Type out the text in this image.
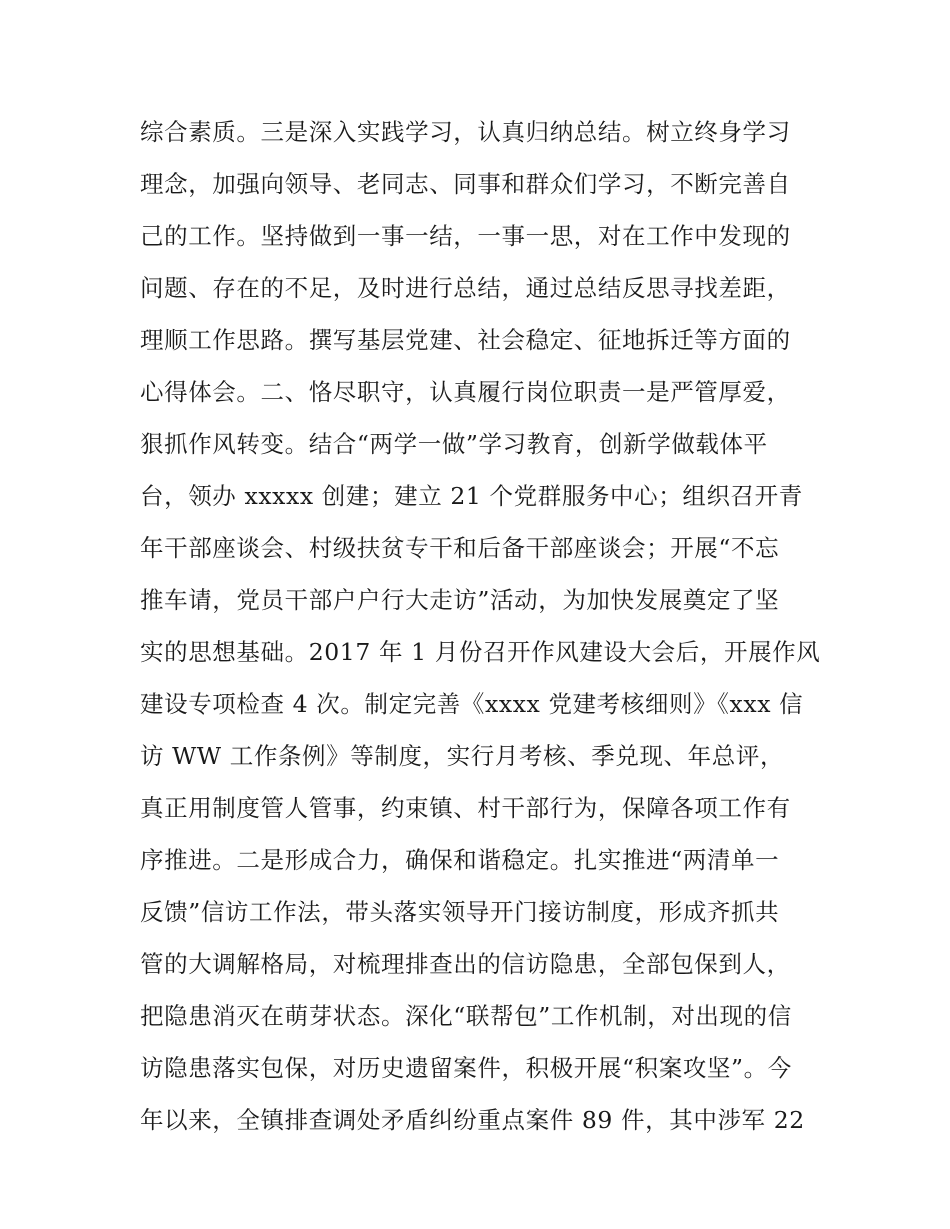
综合素质。三是深入实践学习，认真归纳总结。树立终身学习
理念，加强向领导、老同志、同事和群众们学习，不断完善自
己的工作。坚持做到一事一结，一事一思，对在工作中发现的
问题、存在的不足，及时进行总结，通过总结反思寻找差距，
理顺工作思路。撰写基层党建、社会稳定、征地拆迁等方面的
心得体会。二、恪尽职守，认真履行岗位职责一是严管厚爱，
狠抓作风转变。结合“两学一做”学习教育，创新学做载体平
台，领办 xxxxx 创建；建立 21 个党群服务中心；组织召开青
年干部座谈会、村级扶贫专干和后备干部座谈会；开展“不忘
推车请，党员干部户户行大走访”活动，为加快发展奠定了坚
实的思想基础。2017 年 1 月份召开作风建设大会后，开展作风
建设专项检查 4 次。制定完善《xxxx 党建考核细则》《xxx 信
访 WW 工作条例》等制度，实行月考核、季兑现、年总评，
真正用制度管人管事，约束镇、村干部行为，保障各项工作有
序推进。二是形成合力，确保和谐稳定。扎实推进“两清单一
反馈”信访工作法，带头落实领导开门接访制度，形成齐抓共
管的大调解格局，对梳理排查出的信访隐患，全部包保到人，
把隐患消灭在萌芽状态。深化“联帮包”工作机制，对出现的信
访隐患落实包保，对历史遗留案件，积极开展“积案攻坚”。今
年以来，全镇排查调处矛盾纠纷重点案件 89 件，其中涉军 22
